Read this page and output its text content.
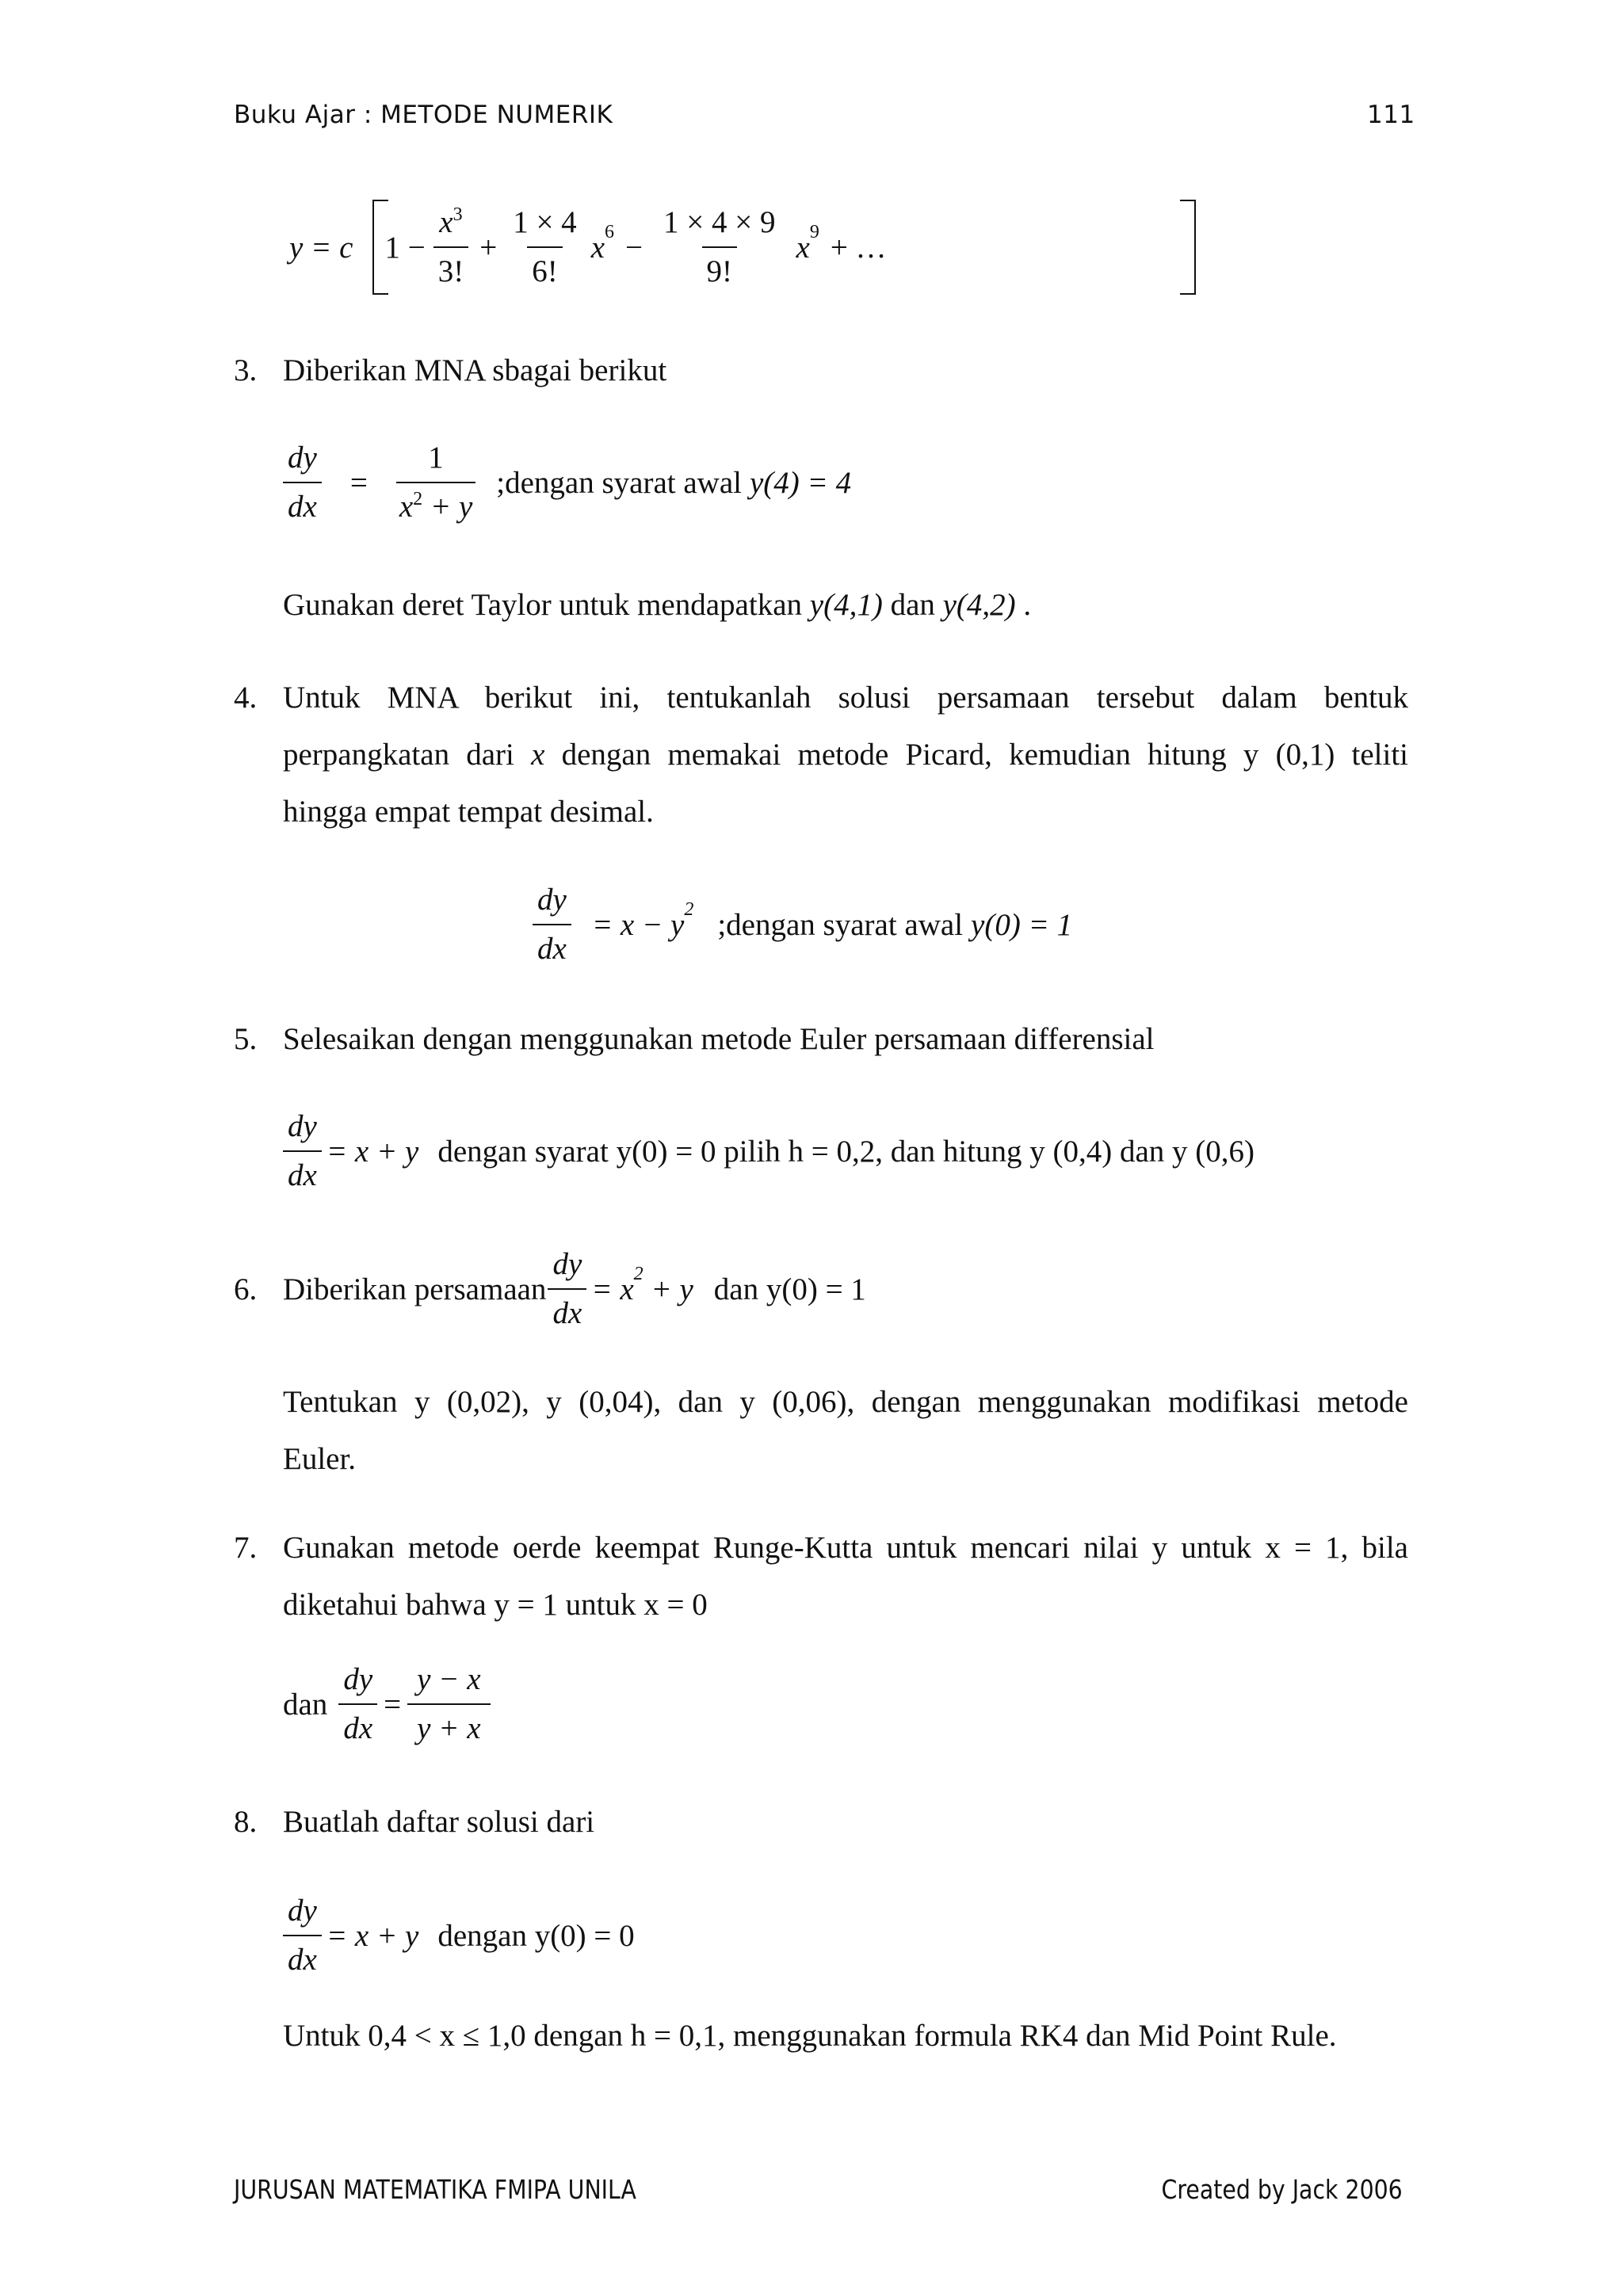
Buku Ajar : METODE NUMERIK	111
y = c $1 - \frac{x^3}{3!} + \frac{1 \times 4}{6!} x^6 - \frac{1 \times 4 \times 9}{9!} x^9$ + …
3. Diberikan MNA sbagai berikut
$\frac{dy}{dx} = \frac{1}{x^2 + y}$ ;dengan syarat awal y(4) = 4
Gunakan deret Taylor untuk mendapatkan y(4,1) dan y(4,2) .
4. Untuk MNA berikut ini, tentukanlah solusi persamaan tersebut dalam bentuk
perpangkatan dari x dengan memakai metode Picard, kemudian hitung y (0,1) teliti
hingga empat tempat desimal.
$\frac{dy}{dx} = x - y^2$ ;dengan syarat awal y(0) = 1
5. Selesaikan dengan menggunakan metode Euler persamaan differensial
$\frac{dy}{dx} = x + y$ dengan syarat y(0) = 0 pilih h = 0,2, dan hitung y (0,4) dan y (0,6)
6. Diberikan persamaan $\frac{dy}{dx} = x^2 + y$ dan y(0) = 1
Tentukan y (0,02), y (0,04), dan y (0,06), dengan menggunakan modifikasi metode
Euler.
7. Gunakan metode oerde keempat Runge-Kutta untuk mencari nilai y untuk x = 1, bila
diketahui bahwa y = 1 untuk x = 0
dan $\frac{dy}{dx} = \frac{y - x}{y + x}$
8. Buatlah daftar solusi dari
$\frac{dy}{dx} = x + y$ dengan y(0) = 0
Untuk 0,4 < x ≤ 1,0 dengan h = 0,1, menggunakan formula RK4 dan Mid Point Rule.
JURUSAN MATEMATIKA FMIPA UNILA	Created by Jack 2006
